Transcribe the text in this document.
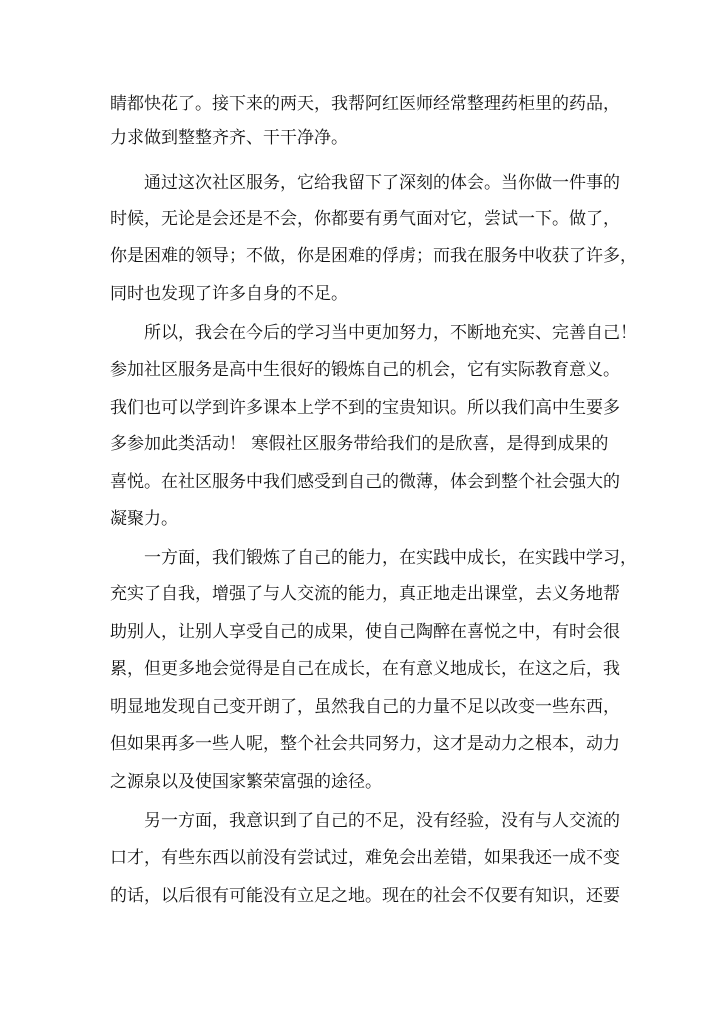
睛都快花了。接下来的两天，我帮阿红医师经常整理药柜里的药品，
力求做到整整齐齐、干干净净。
通过这次社区服务，它给我留下了深刻的体会。当你做一件事的
时候，无论是会还是不会，你都要有勇气面对它，尝试一下。做了，
你是困难的领导；不做，你是困难的俘虏；而我在服务中收获了许多，
同时也发现了许多自身的不足。
所以，我会在今后的学习当中更加努力，不断地充实、完善自己！
参加社区服务是高中生很好的锻炼自己的机会，它有实际教育意义。
我们也可以学到许多课本上学不到的宝贵知识。所以我们高中生要多
多参加此类活动！ 寒假社区服务带给我们的是欣喜，是得到成果的
喜悦。在社区服务中我们感受到自己的微薄，体会到整个社会强大的
凝聚力。
一方面，我们锻炼了自己的能力，在实践中成长，在实践中学习，
充实了自我，增强了与人交流的能力，真正地走出课堂，去义务地帮
助别人，让别人享受自己的成果，使自己陶醉在喜悦之中，有时会很
累，但更多地会觉得是自己在成长，在有意义地成长，在这之后，我
明显地发现自己变开朗了，虽然我自己的力量不足以改变一些东西，
但如果再多一些人呢，整个社会共同努力，这才是动力之根本，动力
之源泉以及使国家繁荣富强的途径。
另一方面，我意识到了自己的不足，没有经验，没有与人交流的
口才，有些东西以前没有尝试过，难免会出差错，如果我还一成不变
的话，以后很有可能没有立足之地。现在的社会不仅要有知识，还要
